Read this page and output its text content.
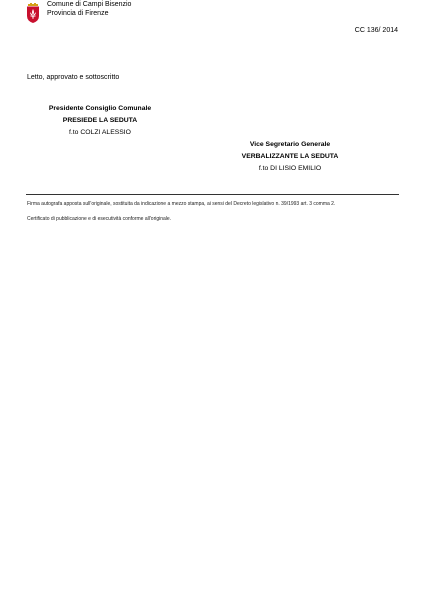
Comune di Campi Bisenzio
Provincia di Firenze
CC 136/ 2014
Letto, approvato e sottoscritto
Presidente Consiglio Comunale
PRESIEDE LA SEDUTA
f.to COLZI ALESSIO
Vice Segretario Generale
VERBALIZZANTE LA SEDUTA
f.to DI LISIO EMILIO
Firma autografa apposta sull'originale, sostituita da indicazione a mezzo stampa, ai sensi del Decreto legislativo n. 39/1993 art. 3 comma 2.
Certificato di pubblicazione e di esecutività conforme all'originale.
